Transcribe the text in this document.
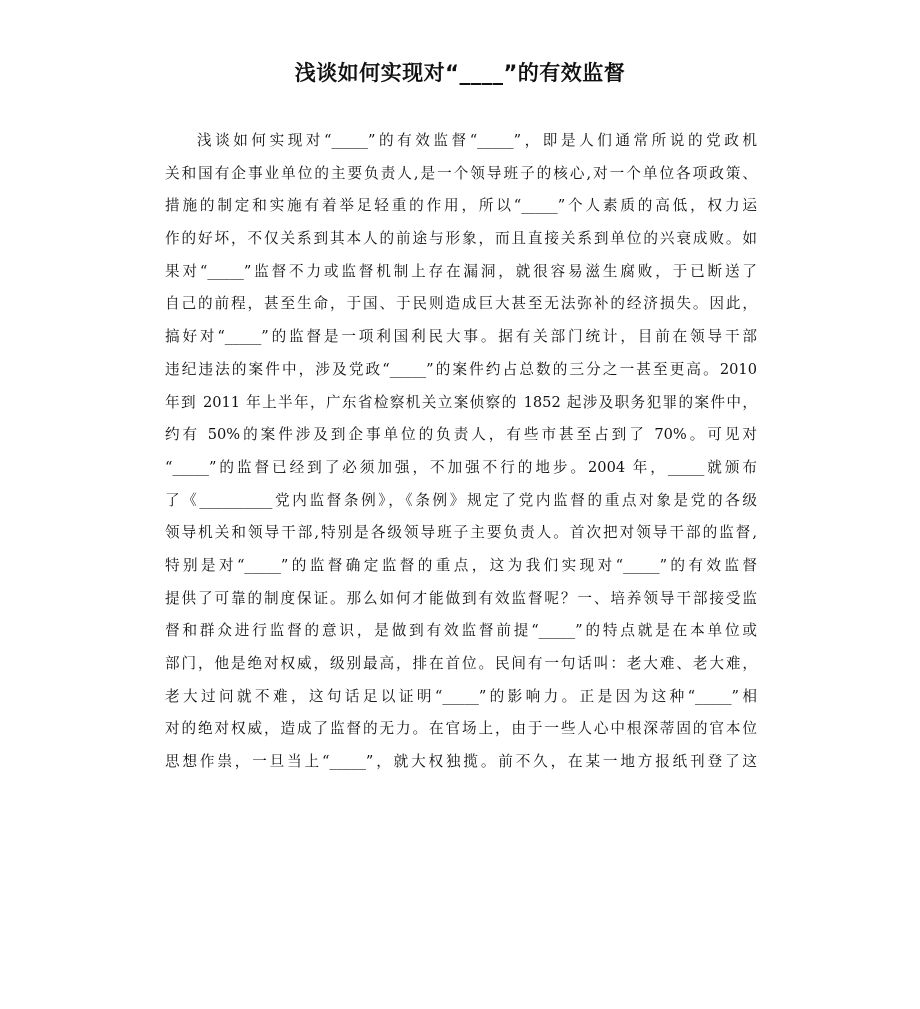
浅谈如何实现对“____”的有效监督
浅谈如何实现对“_____”的有效监督“_____”，即是人们通常所说的党政机
关和国有企事业单位的主要负责人,是一个领导班子的核心,对一个单位各项政策、
措施的制定和实施有着举足轻重的作用，所以“_____”个人素质的高低，权力运
作的好坏，不仅关系到其本人的前途与形象，而且直接关系到单位的兴衰成败。如
果对“_____”监督不力或监督机制上存在漏洞，就很容易滋生腐败，于已断送了
自己的前程，甚至生命，于国、于民则造成巨大甚至无法弥补的经济损失。因此，
搞好对“_____”的监督是一项利国利民大事。据有关部门统计，目前在领导干部
违纪违法的案件中，涉及党政“_____”的案件约占总数的三分之一甚至更高。2010
年到 2011 年上半年，广东省检察机关立案侦察的 1852 起涉及职务犯罪的案件中，
约有 50%的案件涉及到企事单位的负责人，有些市甚至占到了 70%。可见对
“_____”的监督已经到了必须加强，不加强不行的地步。2004 年，_____就颁布
了《__________党内监督条例》，《条例》规定了党内监督的重点对象是党的各级
领导机关和领导干部,特别是各级领导班子主要负责人。首次把对领导干部的监督,
特别是对“_____”的监督确定监督的重点，这为我们实现对“_____”的有效监督
提供了可靠的制度保证。那么如何才能做到有效监督呢？一、培养领导干部接受监
督和群众进行监督的意识，是做到有效监督前提“_____”的特点就是在本单位或
部门，他是绝对权威，级别最高，排在首位。民间有一句话叫：老大难、老大难，
老大过问就不难，这句话足以证明“_____”的影响力。正是因为这种“_____”相
对的绝对权威，造成了监督的无力。在官场上，由于一些人心中根深蒂固的官本位
思想作祟，一旦当上“_____”，就大权独揽。前不久，在某一地方报纸刊登了这
